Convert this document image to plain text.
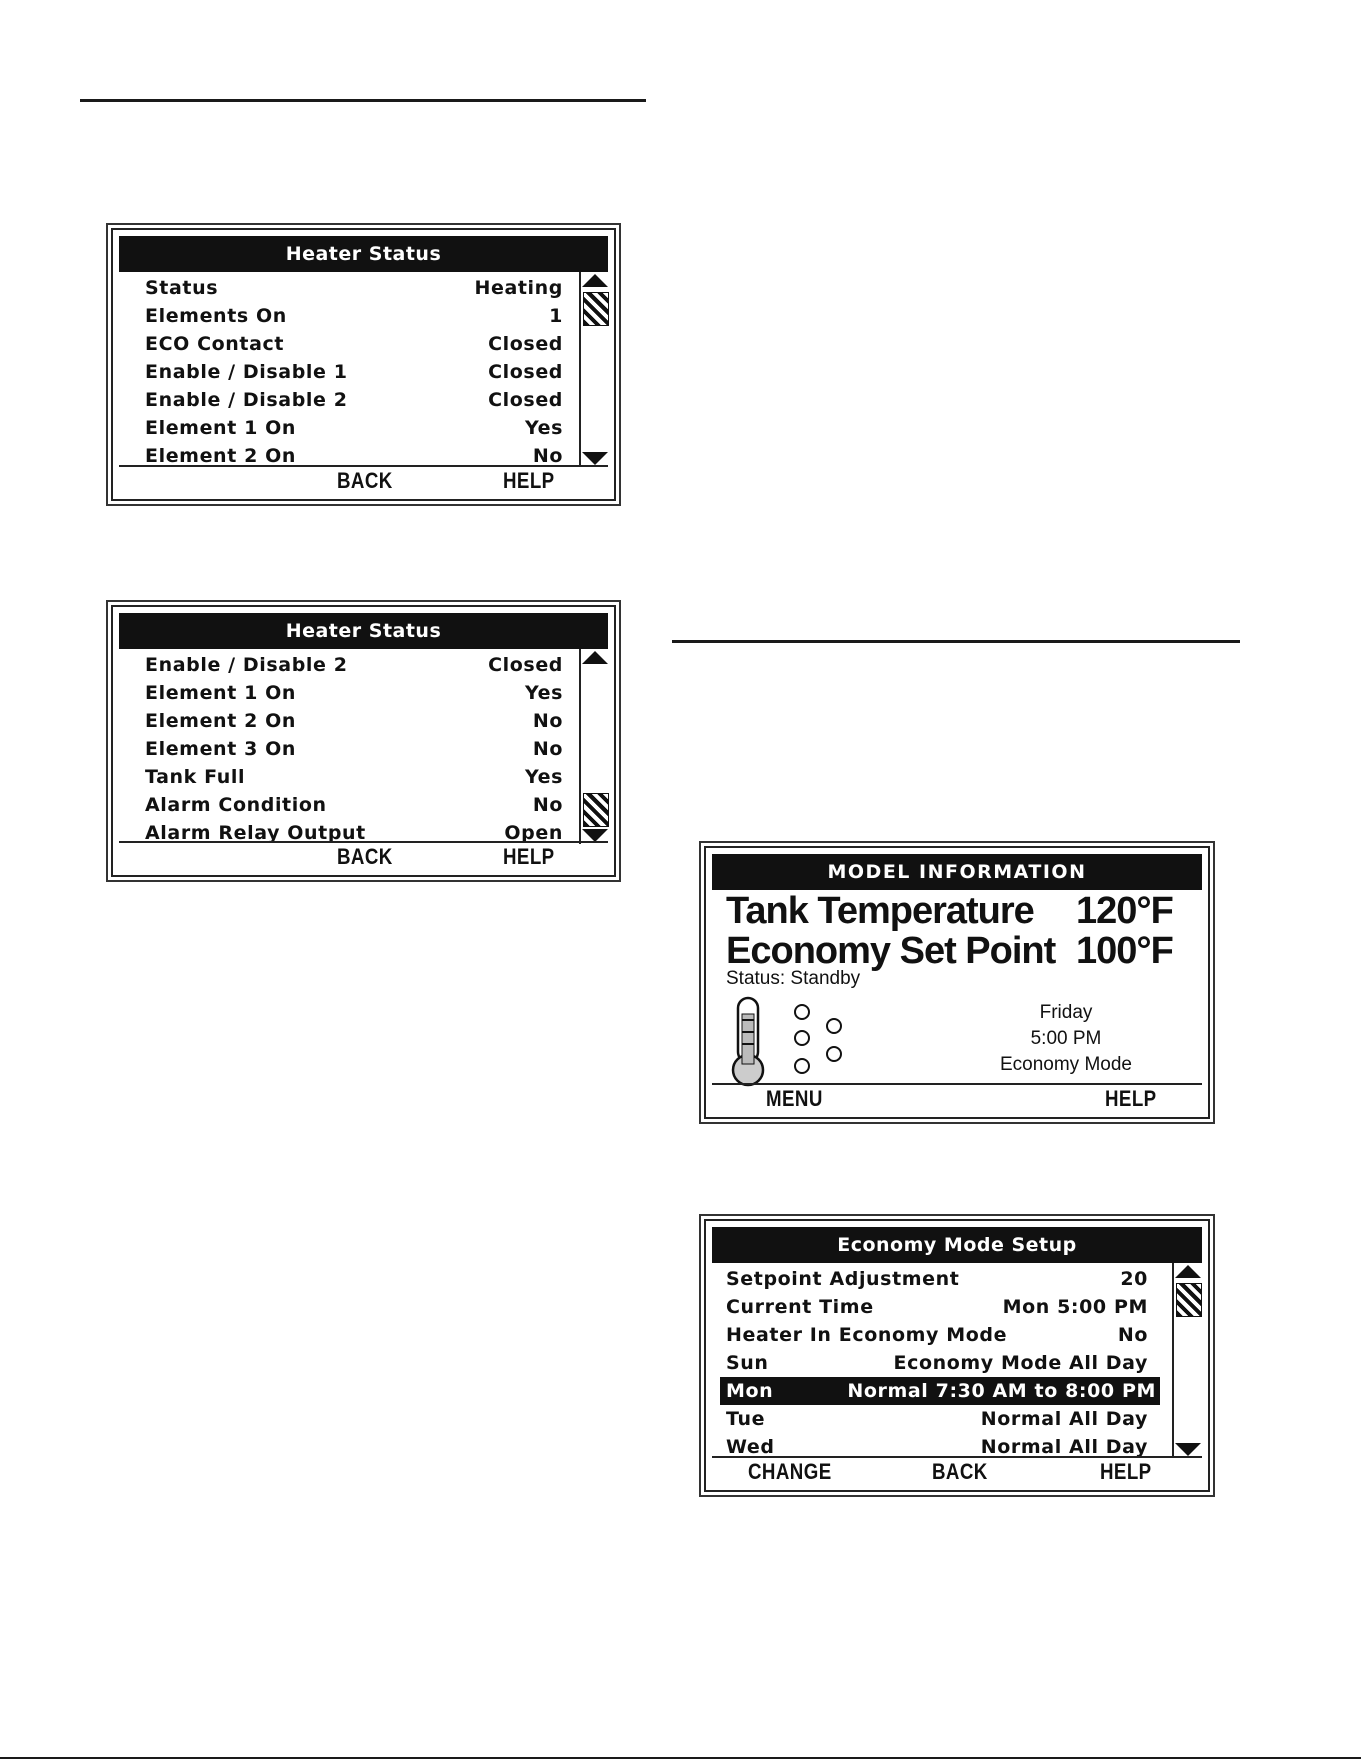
Heater Status
Status	Heating
Elements On	1
ECO Contact	Closed
Enable / Disable 1	Closed
Enable / Disable 2	Closed
Element 1 On	Yes
Element 2 On	No
BACK	HELP
Heater Status
Enable / Disable 2	Closed
Element 1 On	Yes
Element 2 On	No
Element 3 On	No
Tank Full	Yes
Alarm Condition	No
Alarm Relay Output	Open
BACK	HELP
MODEL INFORMATION
Tank Temperature 120°F
Economy Set Point 100°F
Status: Standby
Friday
5:00 PM
Economy Mode
MENU	HELP
Economy Mode Setup
Setpoint Adjustment	20
Current Time	Mon 5:00 PM
Heater In Economy Mode	No
Sun	Economy Mode All Day
Mon	Normal 7:30 AM to 8:00 PM
Tue	Normal All Day
Wed	Normal All Day
CHANGE	BACK	HELP
